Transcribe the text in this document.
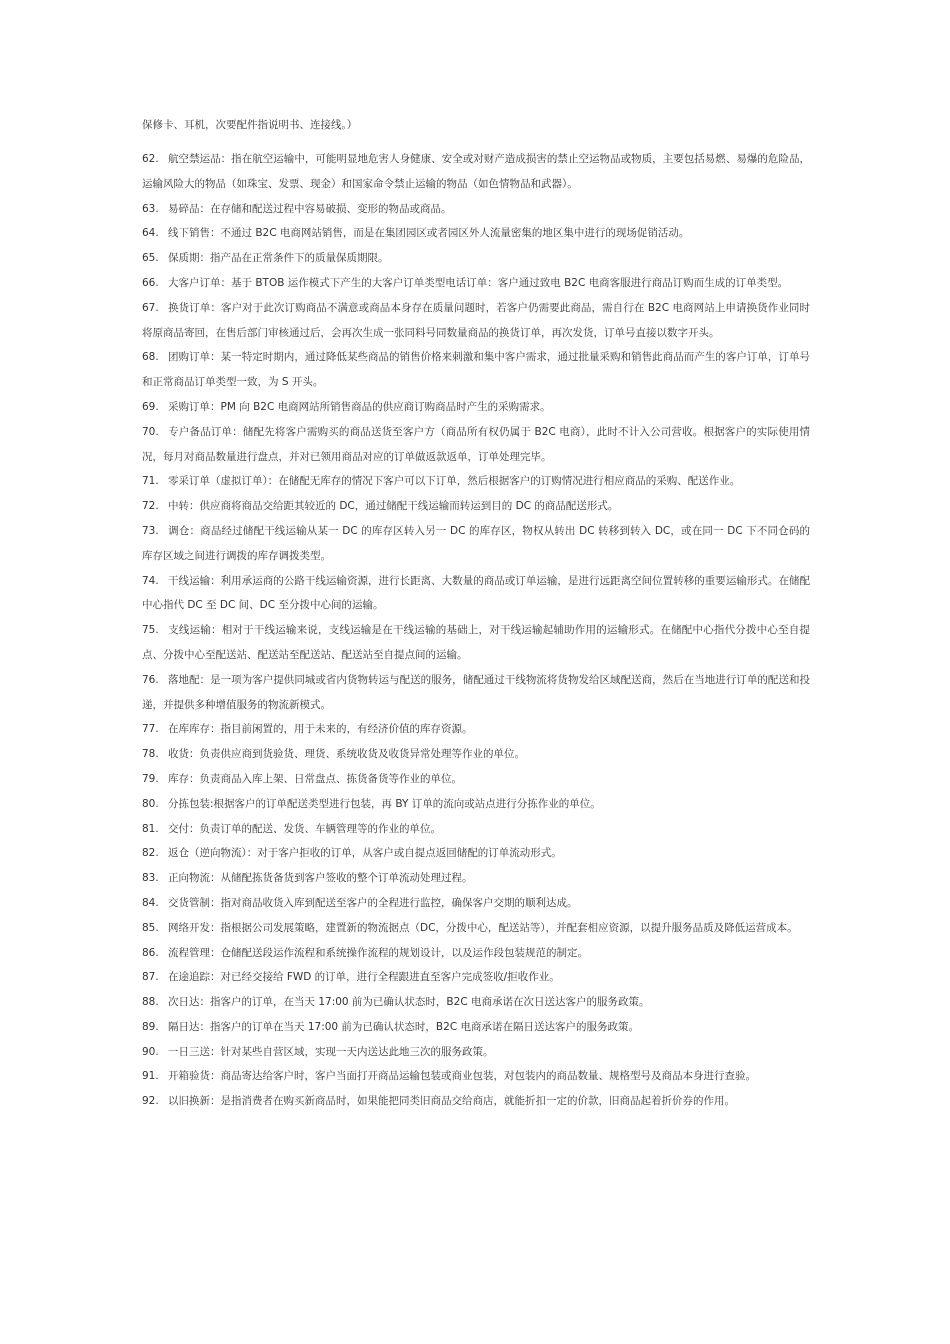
保修卡、耳机，次要配件指说明书、连接线。）

62. 航空禁运品：指在航空运输中，可能明显地危害人身健康、安全或对财产造成损害的禁止空运物品或物质，主要包括易燃、易爆的危险品，运输风险大的物品（如珠宝、发票、现金）和国家命令禁止运输的物品（如色情物品和武器）。

63. 易碎品：在存储和配送过程中容易破损、变形的物品或商品。

64. 线下销售：不通过 B2C 电商网站销售，而是在集团园区或者园区外人流量密集的地区集中进行的现场促销活动。

65. 保质期：指产品在正常条件下的质量保质期限。

66. 大客户订单：基于 BTOB 运作模式下产生的大客户订单类型电话订单：客户通过致电 B2C 电商客服进行商品订购而生成的订单类型。

67. 换货订单：客户对于此次订购商品不满意或商品本身存在质量问题时，若客户仍需要此商品，需自行在 B2C 电商网站上申请换货作业同时将原商品寄回，在售后部门审核通过后，会再次生成一张同料号同数量商品的换货订单，再次发货，订单号直接以数字开头。

68. 团购订单：某一特定时期内，通过降低某些商品的销售价格来刺激和集中客户需求，通过批量采购和销售此商品而产生的客户订单，订单号和正常商品订单类型一致，为 S 开头。

69. 采购订单：PM 向 B2C 电商网站所销售商品的供应商订购商品时产生的采购需求。

70. 专户备品订单：储配先将客户需购买的商品送货至客户方（商品所有权仍属于 B2C 电商），此时不计入公司营收。根据客户的实际使用情况，每月对商品数量进行盘点，并对已领用商品对应的订单做返款返单，订单处理完毕。

71. 零采订单（虚拟订单）：在储配无库存的情况下客户可以下订单，然后根据客户的订购情况进行相应商品的采购、配送作业。

72. 中转：供应商将商品交给距其较近的 DC，通过储配干线运输而转运到目的 DC 的商品配送形式。

73. 调仓：商品经过储配干线运输从某一 DC 的库存区转入另一 DC 的库存区，物权从转出 DC 转移到转入 DC，或在同一 DC 下不同仓码的库存区域之间进行调拨的库存调拨类型。

74. 干线运输：利用承运商的公路干线运输资源，进行长距离、大数量的商品或订单运输，是进行远距离空间位置转移的重要运输形式。在储配中心指代 DC 至 DC 间、DC 至分拨中心间的运输。

75. 支线运输：相对于干线运输来说，支线运输是在干线运输的基础上，对干线运输起辅助作用的运输形式。在储配中心指代分拨中心至自提点、分拨中心至配送站、配送站至配送站、配送站至自提点间的运输。

76. 落地配：是一项为客户提供同城或省内货物转运与配送的服务，储配通过干线物流将货物发给区域配送商，然后在当地进行订单的配送和投递，并提供多种增值服务的物流新模式。

77. 在库库存：指目前闲置的，用于未来的，有经济价值的库存资源。

78. 收货：负责供应商到货验货、理货、系统收货及收货异常处理等作业的单位。

79. 库存：负责商品入库上架、日常盘点、拣货备货等作业的单位。

80. 分拣包装:根据客户的订单配送类型进行包装，再 BY 订单的流向或站点进行分拣作业的单位。

81. 交付：负责订单的配送、发货、车辆管理等的作业的单位。

82. 返仓（逆向物流）：对于客户拒收的订单，从客户或自提点返回储配的订单流动形式。

83. 正向物流：从储配拣货备货到客户签收的整个订单流动处理过程。

84. 交货管制：指对商品收货入库到配送至客户的全程进行监控，确保客户交期的顺利达成。

85. 网络开发：指根据公司发展策略，建置新的物流据点（DC，分拨中心，配送站等），并配套相应资源，以提升服务品质及降低运营成本。

86. 流程管理：仓储配送段运作流程和系统操作流程的规划设计，以及运作段包装规范的制定。

87. 在途追踪：对已经交接给 FWD 的订单，进行全程跟进直至客户完成签收/拒收作业。

88. 次日达：指客户的订单，在当天 17:00 前为已确认状态时，B2C 电商承诺在次日送达客户的服务政策。

89. 隔日达：指客户的订单在当天 17:00 前为已确认状态时，B2C 电商承诺在隔日送达客户的服务政策。

90. 一日三送：针对某些自营区域，实现一天内送达此地三次的服务政策。

91. 开箱验货：商品寄达给客户时，客户当面打开商品运输包装或商业包装，对包装内的商品数量、规格型号及商品本身进行查验。

92. 以旧换新：是指消费者在购买新商品时，如果能把同类旧商品交给商店，就能折扣一定的价款，旧商品起着折价券的作用。
